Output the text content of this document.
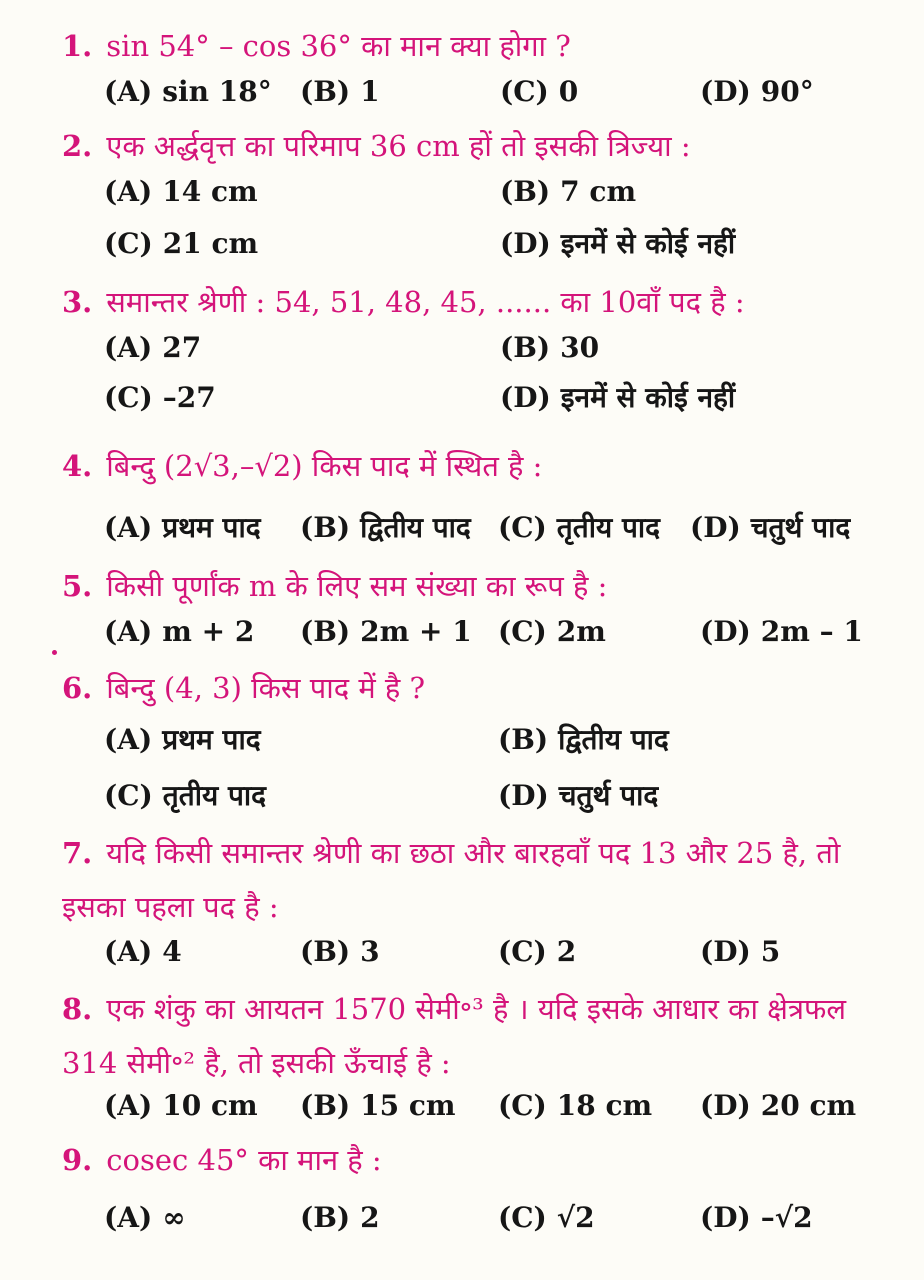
1. sin 54° – cos 36° का मान क्या होगा ?
(A) sin 18° (B) 1	(C) 0	(D) 90°
2. एक अर्द्धवृत्त का परिमाप 36 cm हों तो इसकी त्रिज्या :
(A) 14 cm	(B) 7 cm
(C) 21 cm	(D) इनमें से कोई नहीं
3. समान्तर श्रेणी : 54, 51, 48, 45, ...... का 10वाँ पद है :
(A) 27	(B) 30
(C) –27	(D) इनमें से कोई नहीं
4. बिन्दु (2√3,–√2) किस पाद में स्थित है :
(A) प्रथम पाद (B) द्वितीय पाद (C) तृतीय पाद (D) चतुर्थ पाद
5. किसी पूर्णांक m के लिए सम संख्या का रूप है :
(A) m + 2 (B) 2m + 1 (C) 2m	(D) 2m – 1
6. बिन्दु (4, 3) किस पाद में है ?
(A) प्रथम पाद	(B) द्वितीय पाद
(C) तृतीय पाद	(D) चतुर्थ पाद
7. यदि किसी समान्तर श्रेणी का छठा और बारहवाँ पद 13 और 25 है, तो इसका पहला पद है :
(A) 4	(B) 3	(C) 2	(D) 5
8. एक शंकु का आयतन 1570 सेमी॰³ है । यदि इसके आधार का क्षेत्रफल 314 सेमी॰² है, तो इसकी ऊँचाई है :
(A) 10 cm (B) 15 cm (C) 18 cm (D) 20 cm
9. cosec 45° का मान है :
(A) ∞	(B) 2	(C) √2	(D) –√2
